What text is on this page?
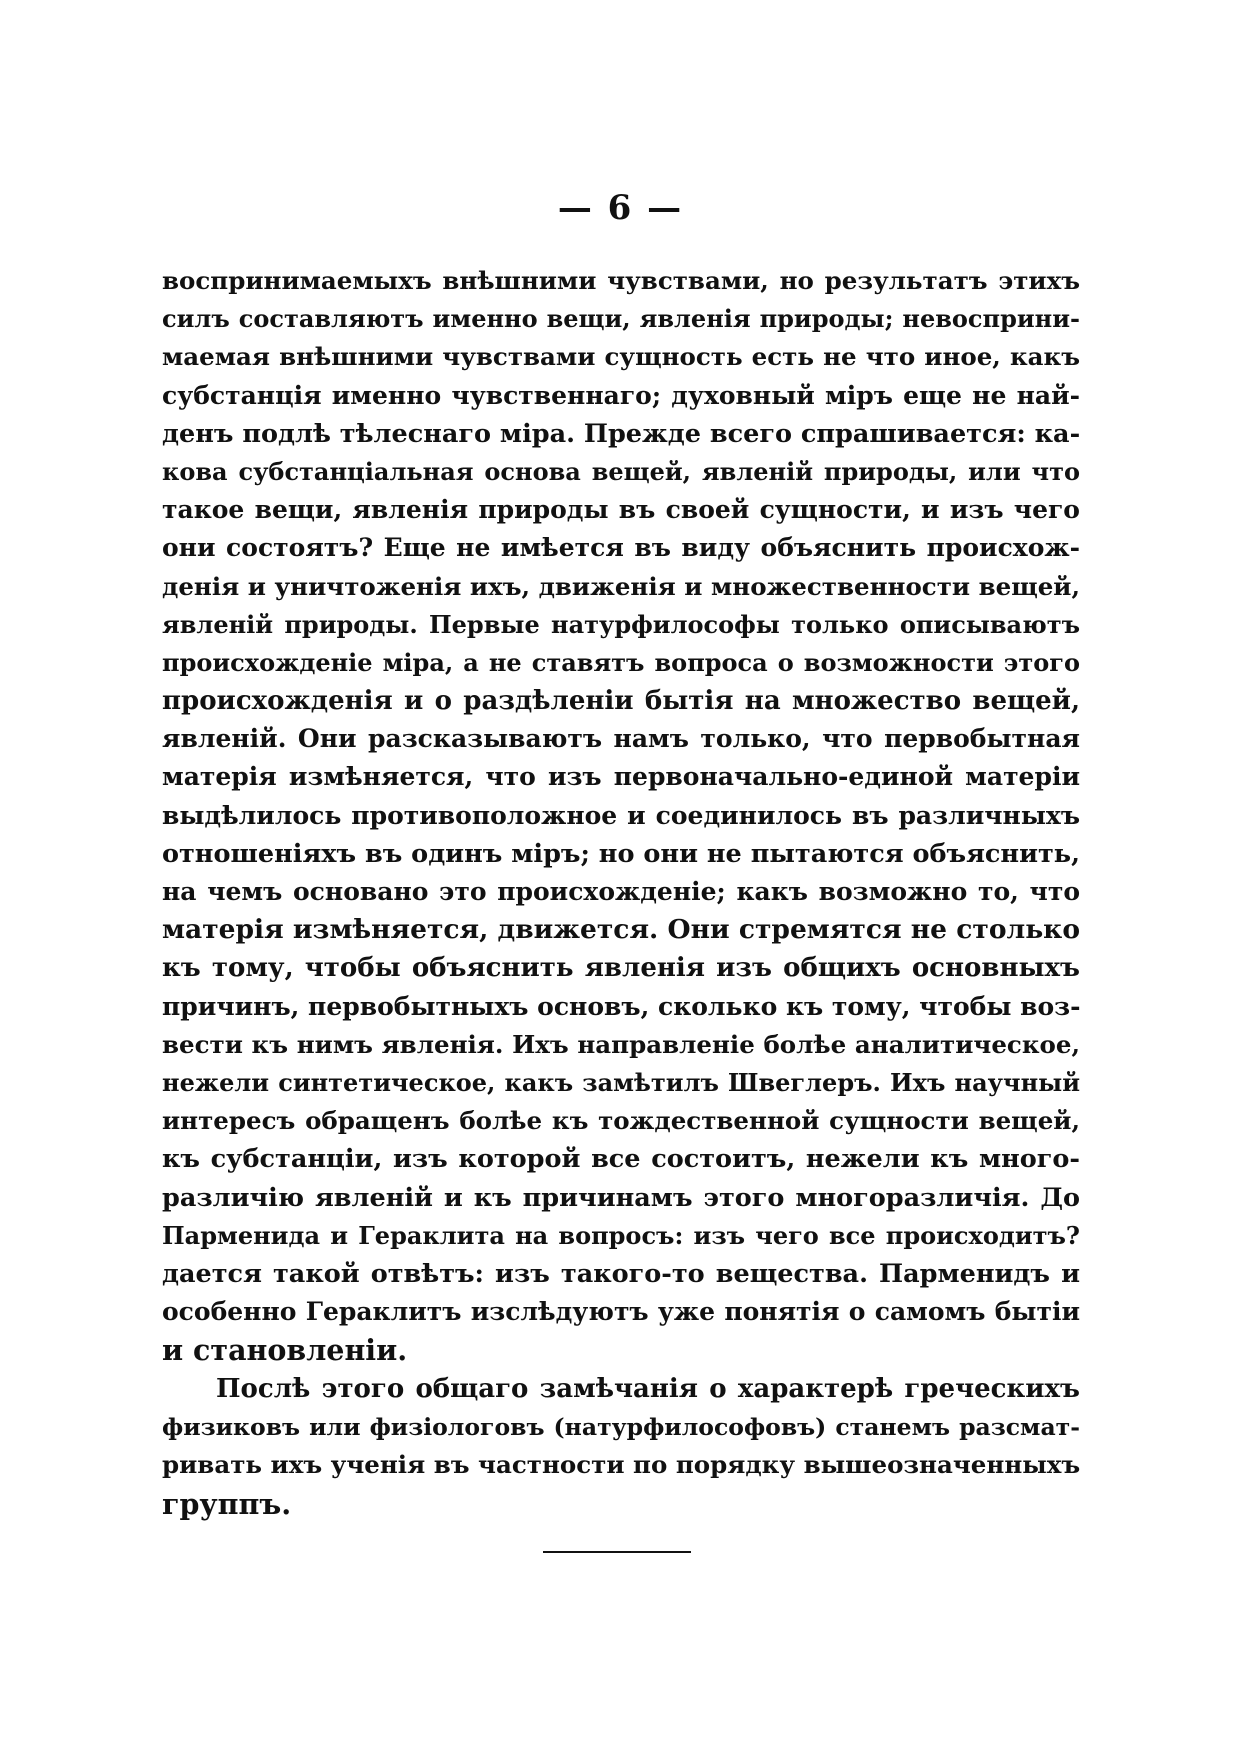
— 6 —
воспринимаемыхъ внѣшними чувствами, но результатъ этихъ
силъ составляютъ именно вещи, явленія природы; невосприни-
маемая внѣшними чувствами сущность есть не что иное, какъ
субстанція именно чувственнаго; духовный міръ еще не най-
денъ подлѣ тѣлеснаго міра. Прежде всего спрашивается: ка-
кова субстанціальная основа вещей, явленій природы, или что
такое вещи, явленія природы въ своей сущности, и изъ чего
они состоятъ? Еще не имѣется въ виду объяснить происхож-
денія и уничтоженія ихъ, движенія и множественности вещей,
явленій природы. Первые натурфилософы только описываютъ
происхожденіе міра, а не ставятъ вопроса о возможности этого
происхожденія и о раздѣленіи бытія на множество вещей,
явленій. Они разсказываютъ намъ только, что первобытная
матерія измѣняется, что изъ первоначально-единой матеріи
выдѣлилось противоположное и соединилось въ различныхъ
отношеніяхъ въ одинъ міръ; но они не пытаются объяснить,
на чемъ основано это происхожденіе; какъ возможно то, что
матерія измѣняется, движется. Они стремятся не столько
къ тому, чтобы объяснить явленія изъ общихъ основныхъ
причинъ, первобытныхъ основъ, сколько къ тому, чтобы воз-
вести къ нимъ явленія. Ихъ направленіе болѣе аналитическое,
нежели синтетическое, какъ замѣтилъ Швеглеръ. Ихъ научный
интересъ обращенъ болѣе къ тождественной сущности вещей,
къ субстанціи, изъ которой все состоитъ, нежели къ много-
различію явленій и къ причинамъ этого многоразличія. До
Парменида и Гераклита на вопросъ: изъ чего все происходитъ?
дается такой отвѣтъ: изъ такого-то вещества. Парменидъ и
особенно Гераклитъ изслѣдуютъ уже понятія о самомъ бытіи
и становленіи.
Послѣ этого общаго замѣчанія о характерѣ греческихъ
физиковъ или физіологовъ (натурфилософовъ) станемъ разсмат-
ривать ихъ ученія въ частности по порядку вышеозначенныхъ
группъ.
